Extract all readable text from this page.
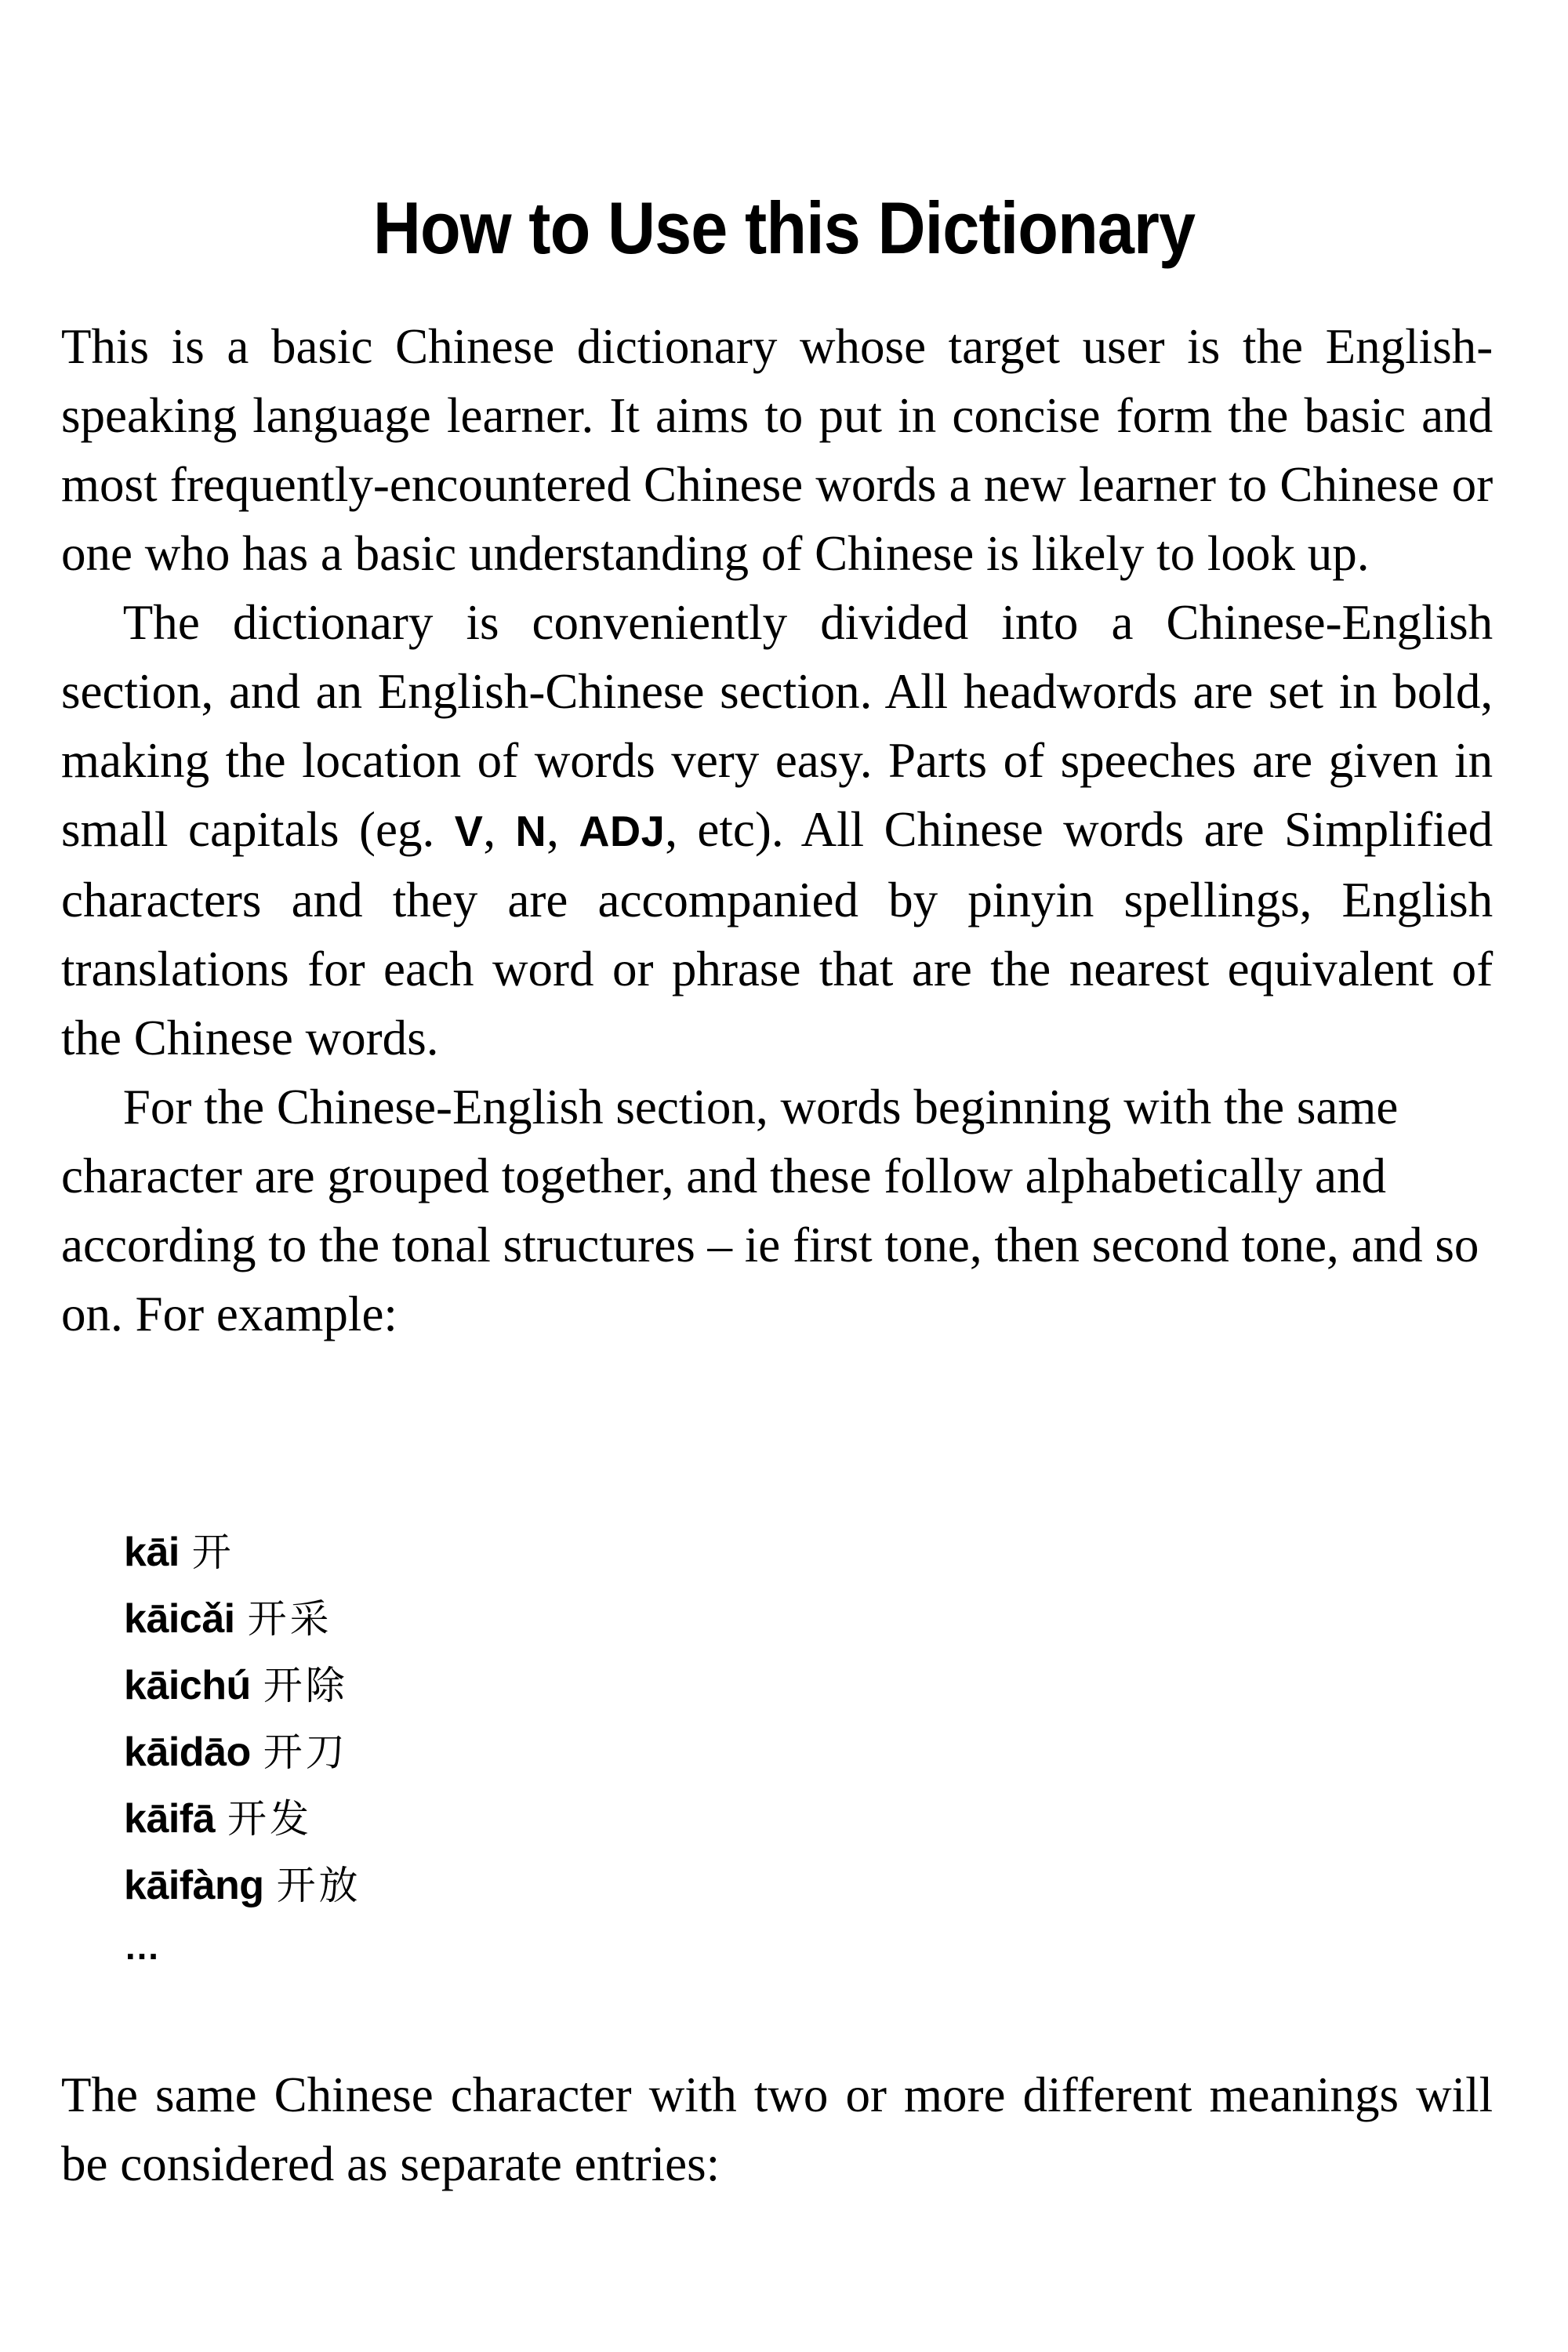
How to Use this Dictionary

This is a basic Chinese dictionary whose target user is the English-speaking language learner. It aims to put in concise form the basic and most frequently-encountered Chinese words a new learner to Chinese or one who has a basic understanding of Chinese is likely to look up.

The dictionary is conveniently divided into a Chinese-English section, and an English-Chinese section. All headwords are set in bold, making the location of words very easy. Parts of speeches are given in small capitals (eg. V, N, ADJ, etc). All Chinese words are Simplified characters and they are accompanied by pinyin spellings, English translations for each word or phrase that are the nearest equivalent of the Chinese words.

For the Chinese-English section, words beginning with the same character are grouped together, and these follow alphabetically and according to the tonal structures – ie first tone, then second tone, and so on. For example:

kāi 开
kāicǎi 开采
kāichú 开除
kāidāo 开刀
kāifā 开发
kāifàng 开放
…

The same Chinese character with two or more different meanings will be considered as separate entries:
